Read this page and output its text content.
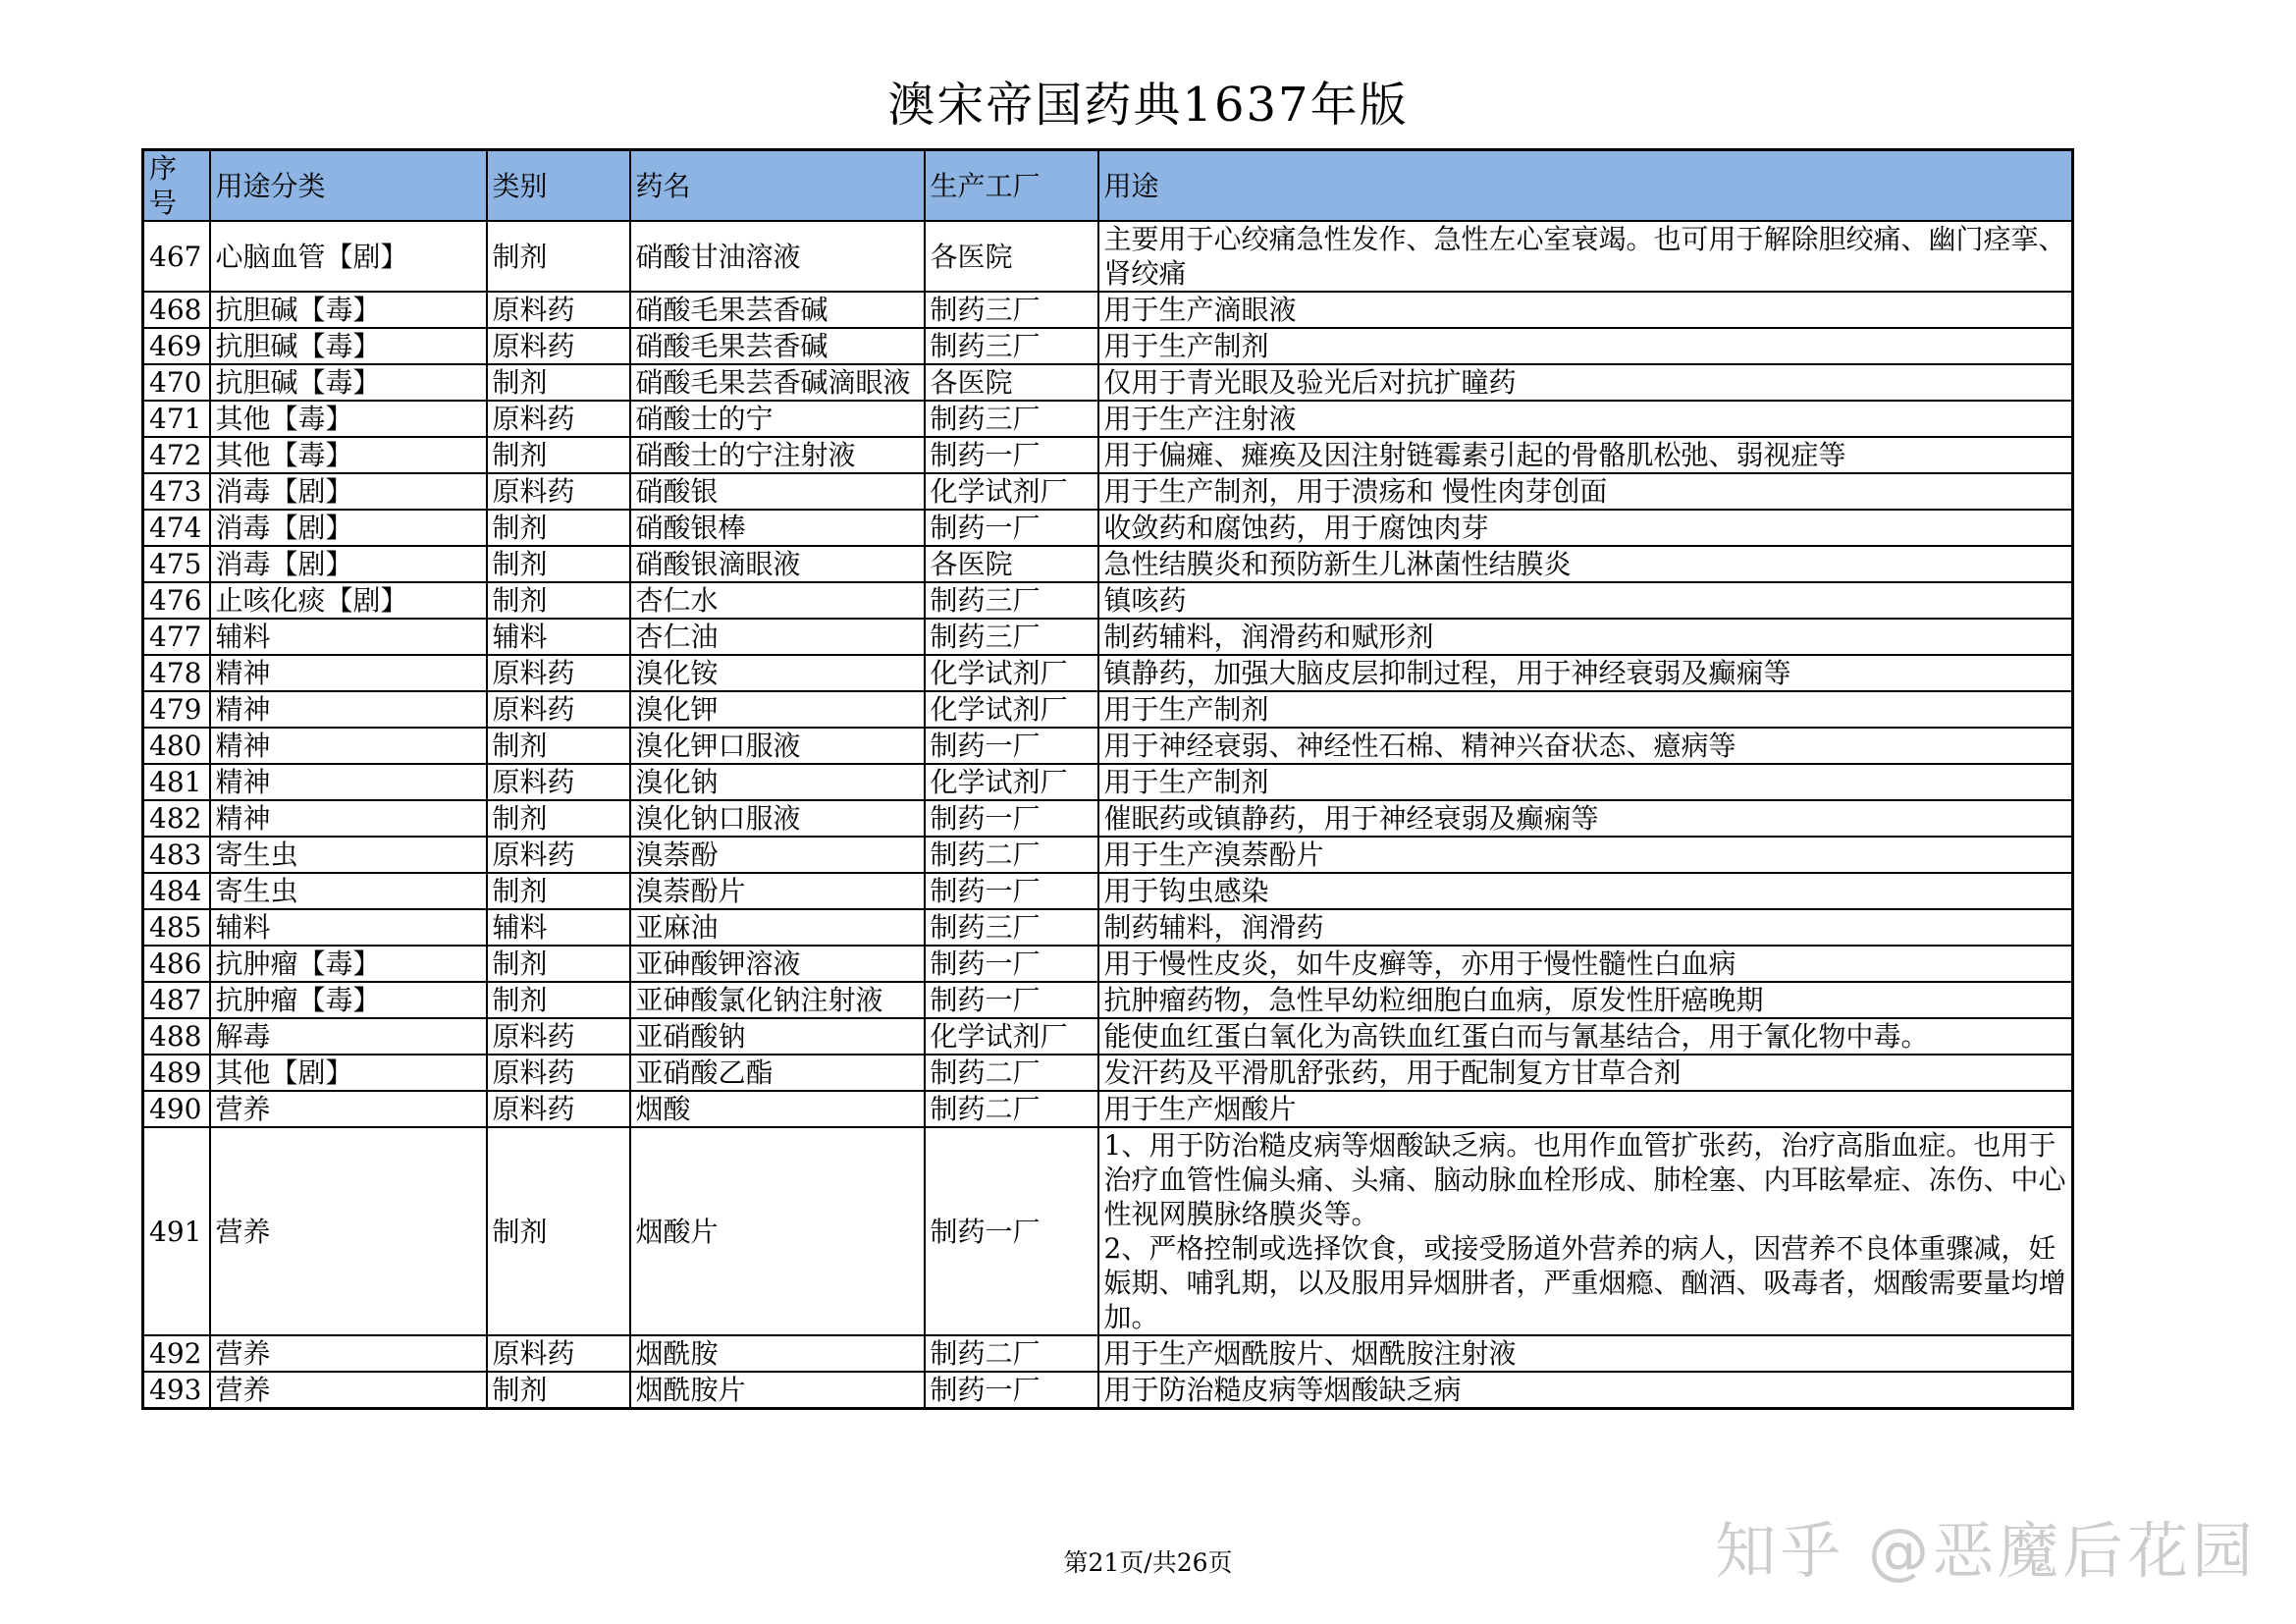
澳宋帝国药典1637年版
序号	用途分类	类别	药名	生产工厂	用途
467	心脑血管【剧】	制剂	硝酸甘油溶液	各医院	主要用于心绞痛急性发作、急性左心室衰竭。也可用于解除胆绞痛、幽门痉挛、肾绞痛
468	抗胆碱【毒】	原料药	硝酸毛果芸香碱	制药三厂	用于生产滴眼液
469	抗胆碱【毒】	原料药	硝酸毛果芸香碱	制药三厂	用于生产制剂
470	抗胆碱【毒】	制剂	硝酸毛果芸香碱滴眼液	各医院	仅用于青光眼及验光后对抗扩瞳药
471	其他【毒】	原料药	硝酸士的宁	制药三厂	用于生产注射液
472	其他【毒】	制剂	硝酸士的宁注射液	制药一厂	用于偏瘫、瘫痪及因注射链霉素引起的骨骼肌松弛、弱视症等
473	消毒【剧】	原料药	硝酸银	化学试剂厂	用于生产制剂，用于溃疡和 慢性肉芽创面
474	消毒【剧】	制剂	硝酸银棒	制药一厂	收敛药和腐蚀药，用于腐蚀肉芽
475	消毒【剧】	制剂	硝酸银滴眼液	各医院	急性结膜炎和预防新生儿淋菌性结膜炎
476	止咳化痰【剧】	制剂	杏仁水	制药三厂	镇咳药
477	辅料	辅料	杏仁油	制药三厂	制药辅料，润滑药和赋形剂
478	精神	原料药	溴化铵	化学试剂厂	镇静药，加强大脑皮层抑制过程，用于神经衰弱及癫痫等
479	精神	原料药	溴化钾	化学试剂厂	用于生产制剂
480	精神	制剂	溴化钾口服液	制药一厂	用于神经衰弱、神经性石棉、精神兴奋状态、癔病等
481	精神	原料药	溴化钠	化学试剂厂	用于生产制剂
482	精神	制剂	溴化钠口服液	制药一厂	催眠药或镇静药，用于神经衰弱及癫痫等
483	寄生虫	原料药	溴萘酚	制药二厂	用于生产溴萘酚片
484	寄生虫	制剂	溴萘酚片	制药一厂	用于钩虫感染
485	辅料	辅料	亚麻油	制药三厂	制药辅料，润滑药
486	抗肿瘤【毒】	制剂	亚砷酸钾溶液	制药一厂	用于慢性皮炎，如牛皮癣等，亦用于慢性髓性白血病
487	抗肿瘤【毒】	制剂	亚砷酸氯化钠注射液	制药一厂	抗肿瘤药物，急性早幼粒细胞白血病，原发性肝癌晚期
488	解毒	原料药	亚硝酸钠	化学试剂厂	能使血红蛋白氧化为高铁血红蛋白而与氰基结合，用于氰化物中毒。
489	其他【剧】	原料药	亚硝酸乙酯	制药二厂	发汗药及平滑肌舒张药，用于配制复方甘草合剂
490	营养	原料药	烟酸	制药二厂	用于生产烟酸片
491	营养	制剂	烟酸片	制药一厂	1、用于防治糙皮病等烟酸缺乏病。也用作血管扩张药，治疗高脂血症。也用于治疗血管性偏头痛、头痛、脑动脉血栓形成、肺栓塞、内耳眩晕症、冻伤、中心性视网膜脉络膜炎等。
2、严格控制或选择饮食，或接受肠道外营养的病人，因营养不良体重骤减，妊娠期、哺乳期，以及服用异烟肼者，严重烟瘾、酗酒、吸毒者，烟酸需要量均增加。
492	营养	原料药	烟酰胺	制药二厂	用于生产烟酰胺片、烟酰胺注射液
493	营养	制剂	烟酰胺片	制药一厂	用于防治糙皮病等烟酸缺乏病
第21页/共26页	知乎 @恶魔后花园
